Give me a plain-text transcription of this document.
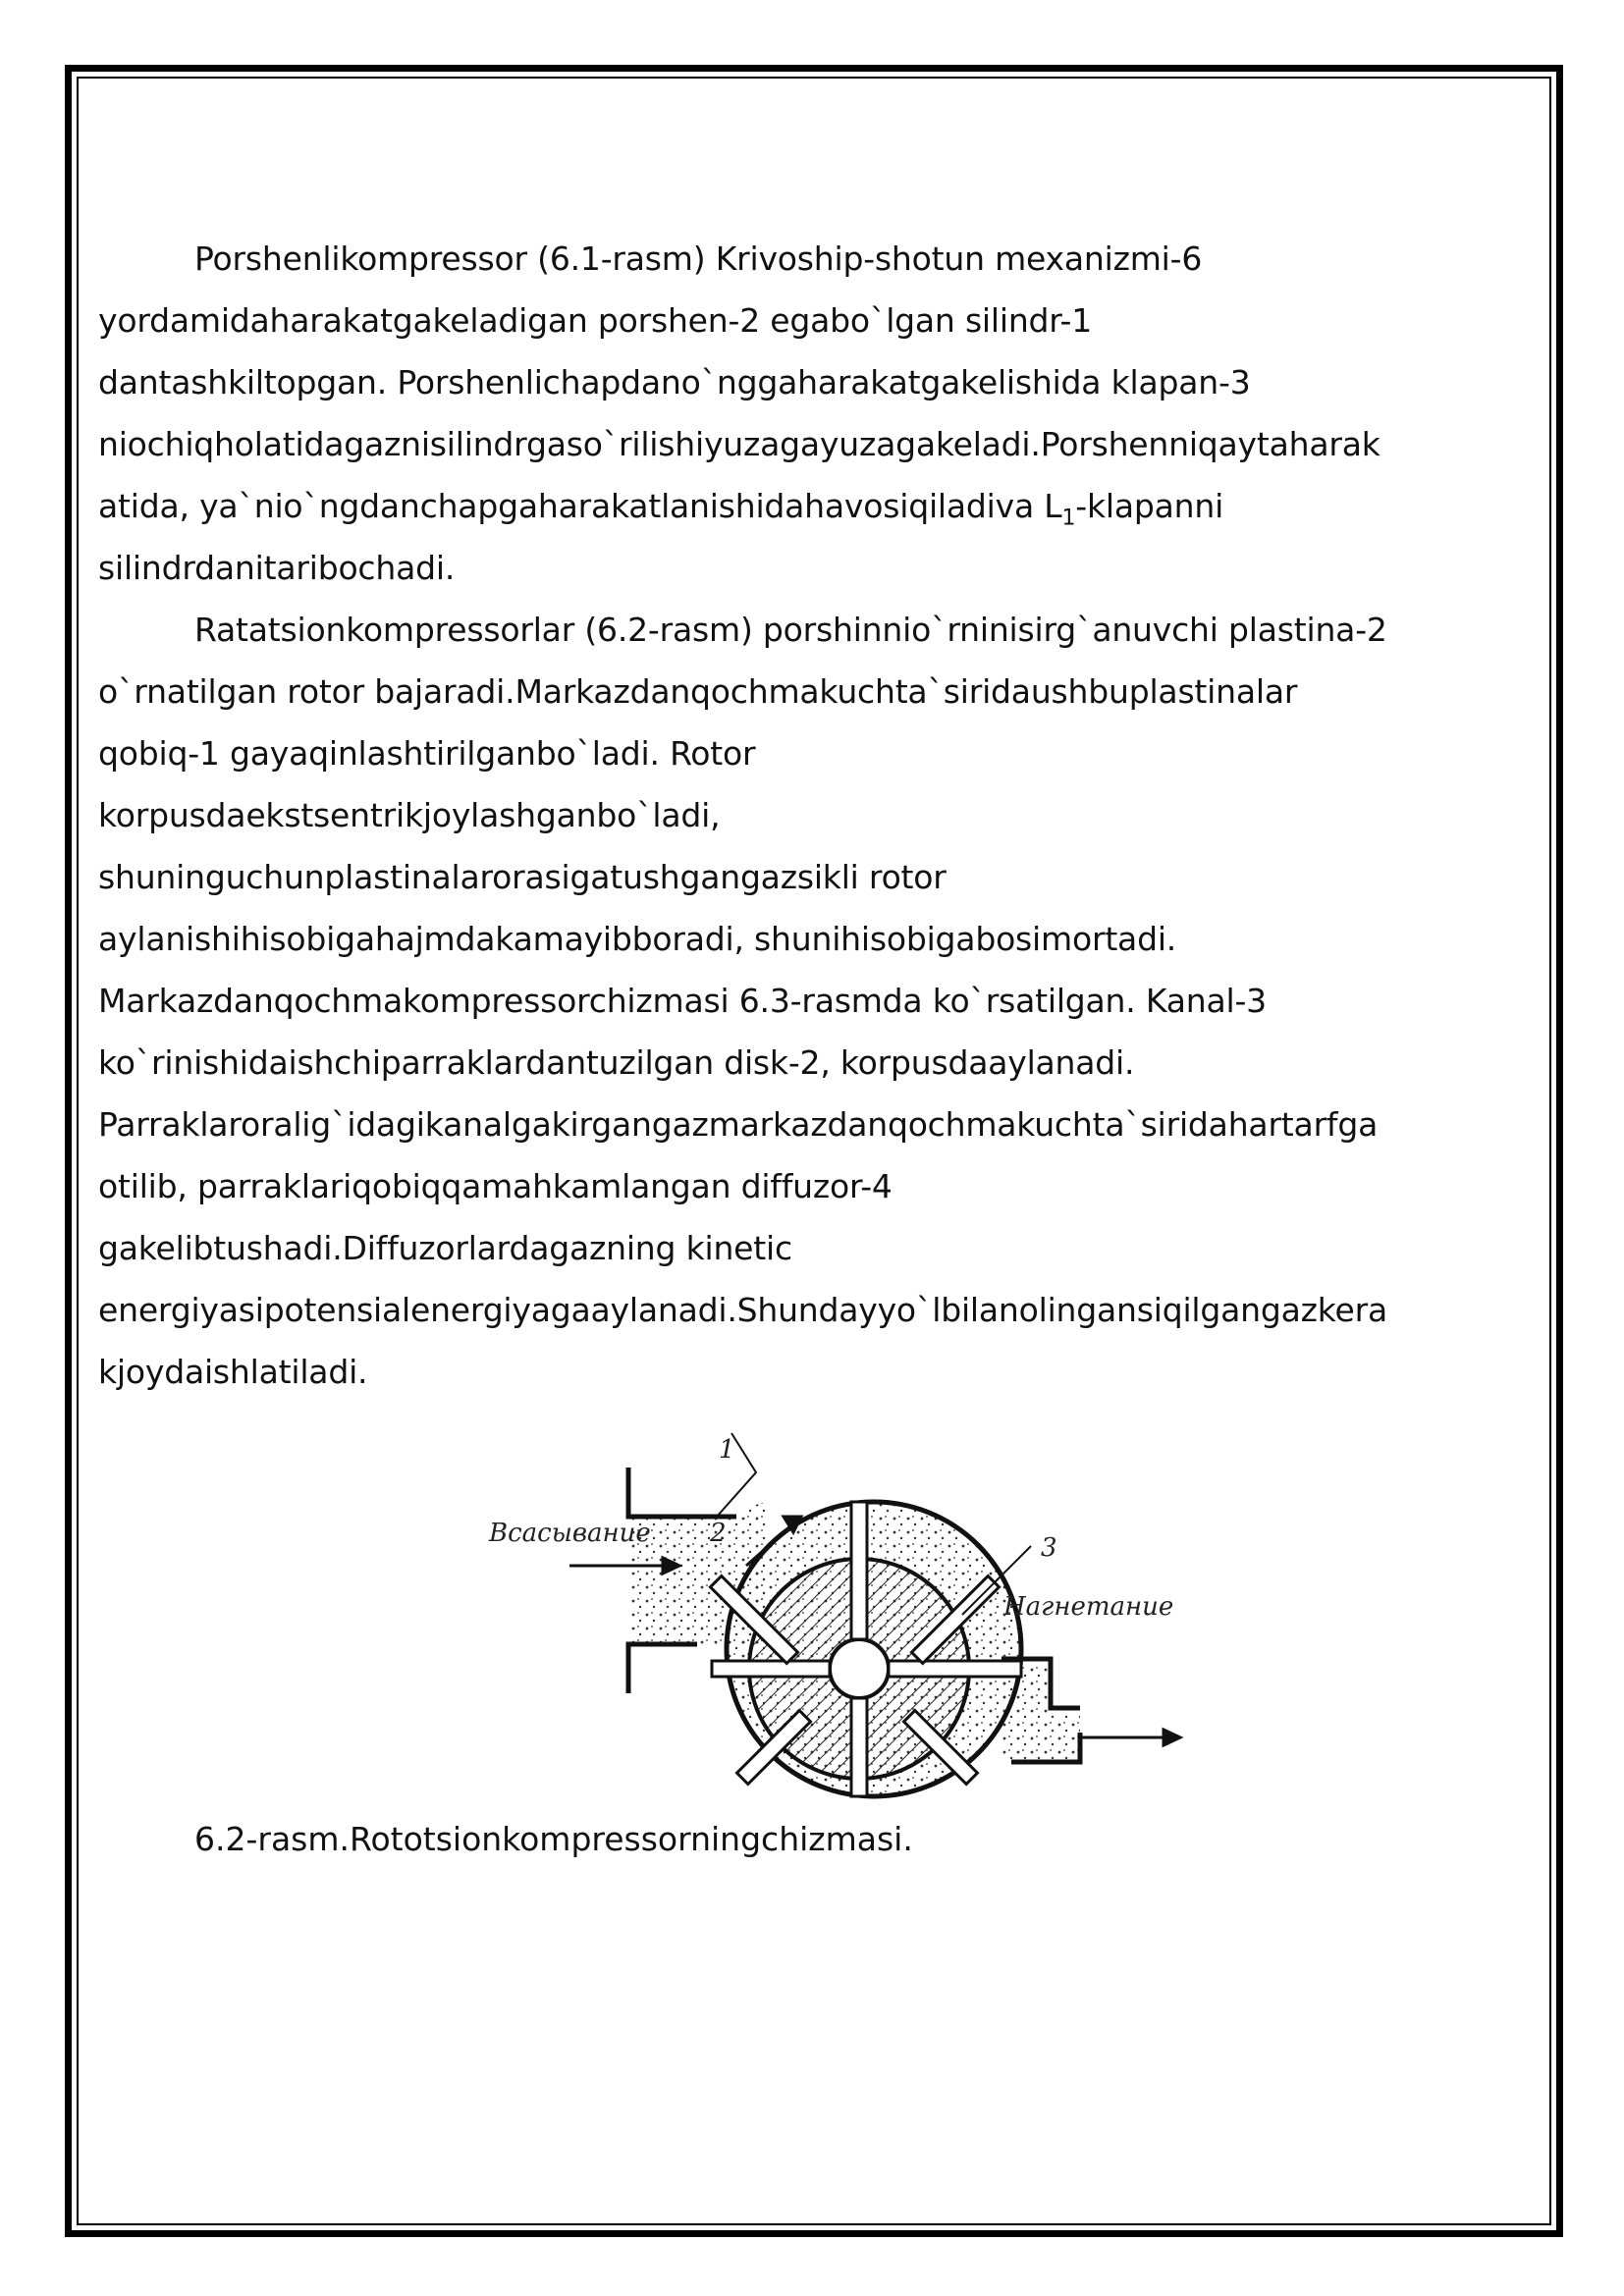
Porshenlikompressor (6.1-rasm) Krivoship-shotun mexanizmi-6
yordamidaharakatgakeladigan porshen-2 egabo`lgan silindr-1
dantashkiltopgan. Porshenlichapdano`nggaharakatgakelishida klapan-3
niochiqholatidagaznisilindrgaso`rilishiyuzagayuzagakeladi.Porshenniqaytaharak
atida, ya`nio`ngdanchapgaharakatlanishidahavosiqiladiva $L_1$-klapanni
silindrdanitaribochadi.
Ratatsionkompressorlar (6.2-rasm) porshinnio`rninisirg`anuvchi plastina-2
o`rnatilgan rotor bajaradi.Markazdanqochmakuchta`siridaushbuplastinalar
qobiq-1 gayaqinlashtirilganbo`ladi. Rotor
korpusdaekstsentrikjoylashganbo`ladi,
shuninguchunplastinalarorasigatushgangazsikli rotor
aylanishihisobigahajmdakamayibboradi, shunihisobigabosimortadi.
Markazdanqochmakompressorchizmasi 6.3-rasmda ko`rsatilgan. Kanal-3
ko`rinishidaishchiparraklardantuzilgan disk-2, korpusdaaylanadi.
Parraklaroralig`idagikanalgakirgangazmarkazdanqochmakuchta`siridahartarfga
otilib, parraklariqobiqqamahkamlangan diffuzor-4
gakelibtushadi.Diffuzorlardagazning kinetic
energiyasipotensialenergiyagaaylanadi.Shundayyo`lbilanolingansiqilgangazkera
kjoydaishlatiladi.
Всасывание 2
1
3
Нагнетание
6.2-rasm.Rototsionkompressorningchizmasi.
